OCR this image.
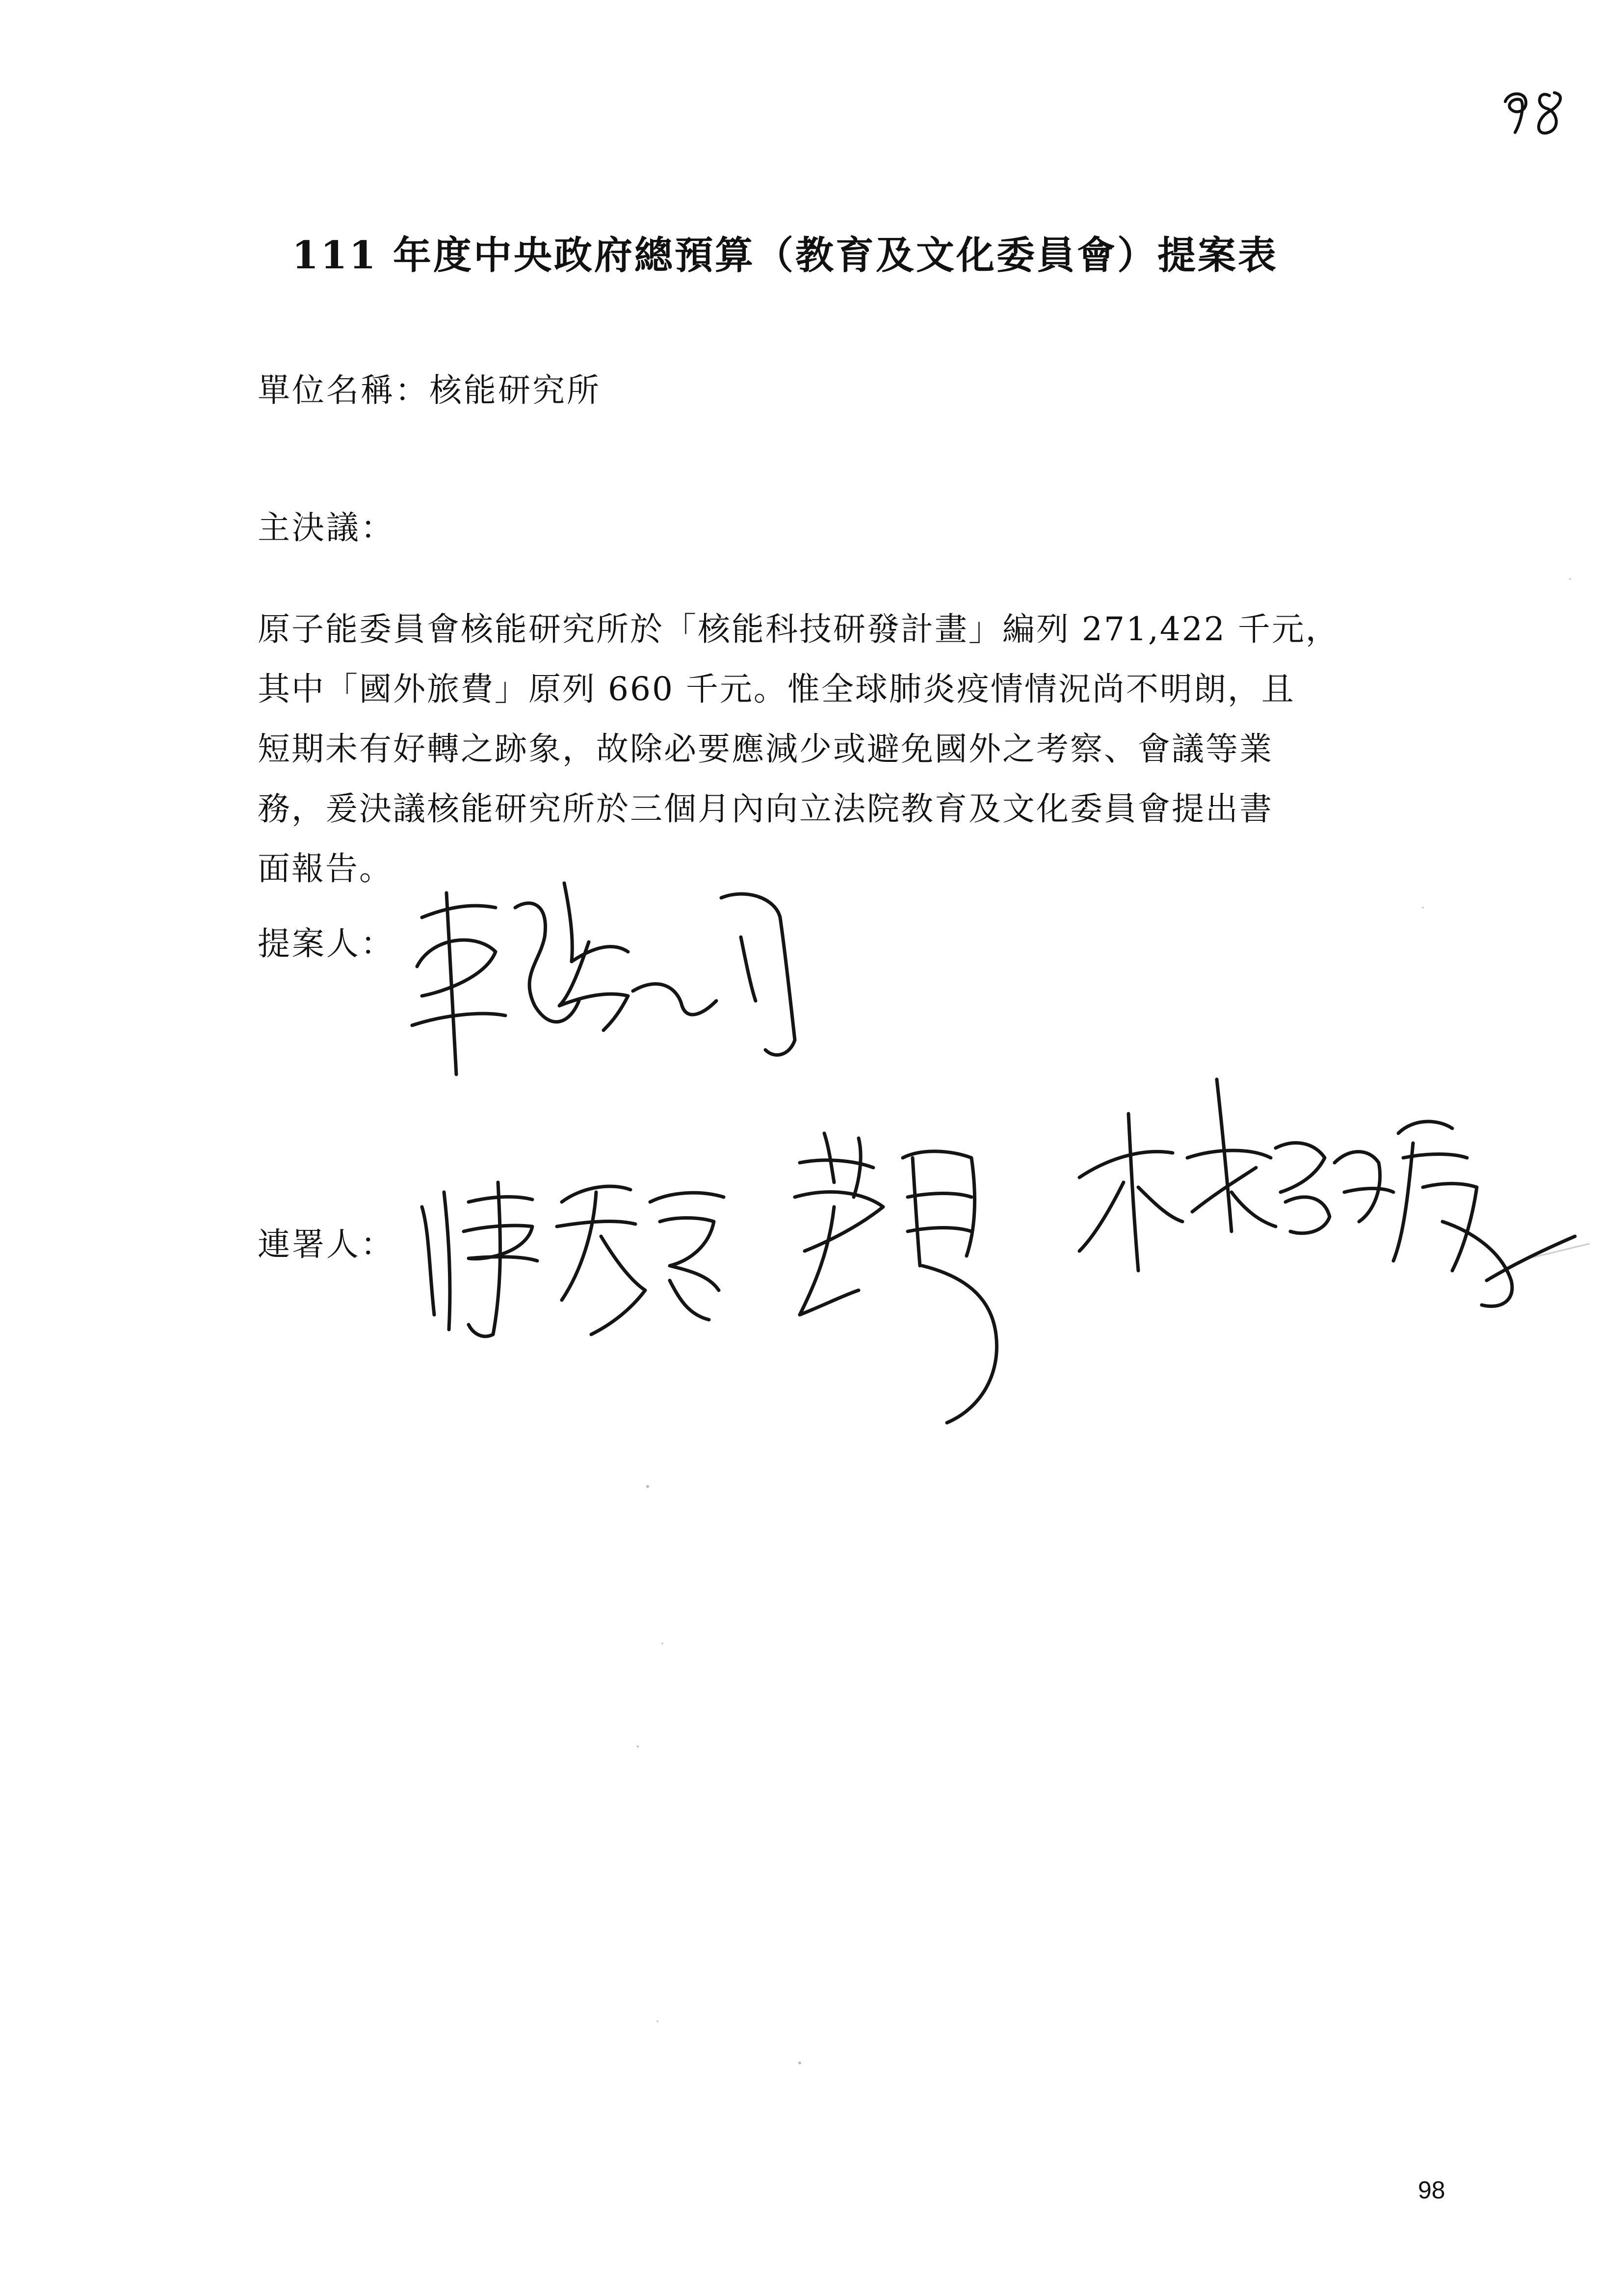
111 年度中央政府總預算（教育及文化委員會）提案表
單位名稱：核能研究所
主決議：
原子能委員會核能研究所於「核能科技研發計畫」編列 271,422 千元，
其中「國外旅費」原列 660 千元。惟全球肺炎疫情情況尚不明朗，且
短期未有好轉之跡象，故除必要應減少或避免國外之考察、會議等業
務，爰決議核能研究所於三個月內向立法院教育及文化委員會提出書
面報告。
提案人：
連署人：
98
